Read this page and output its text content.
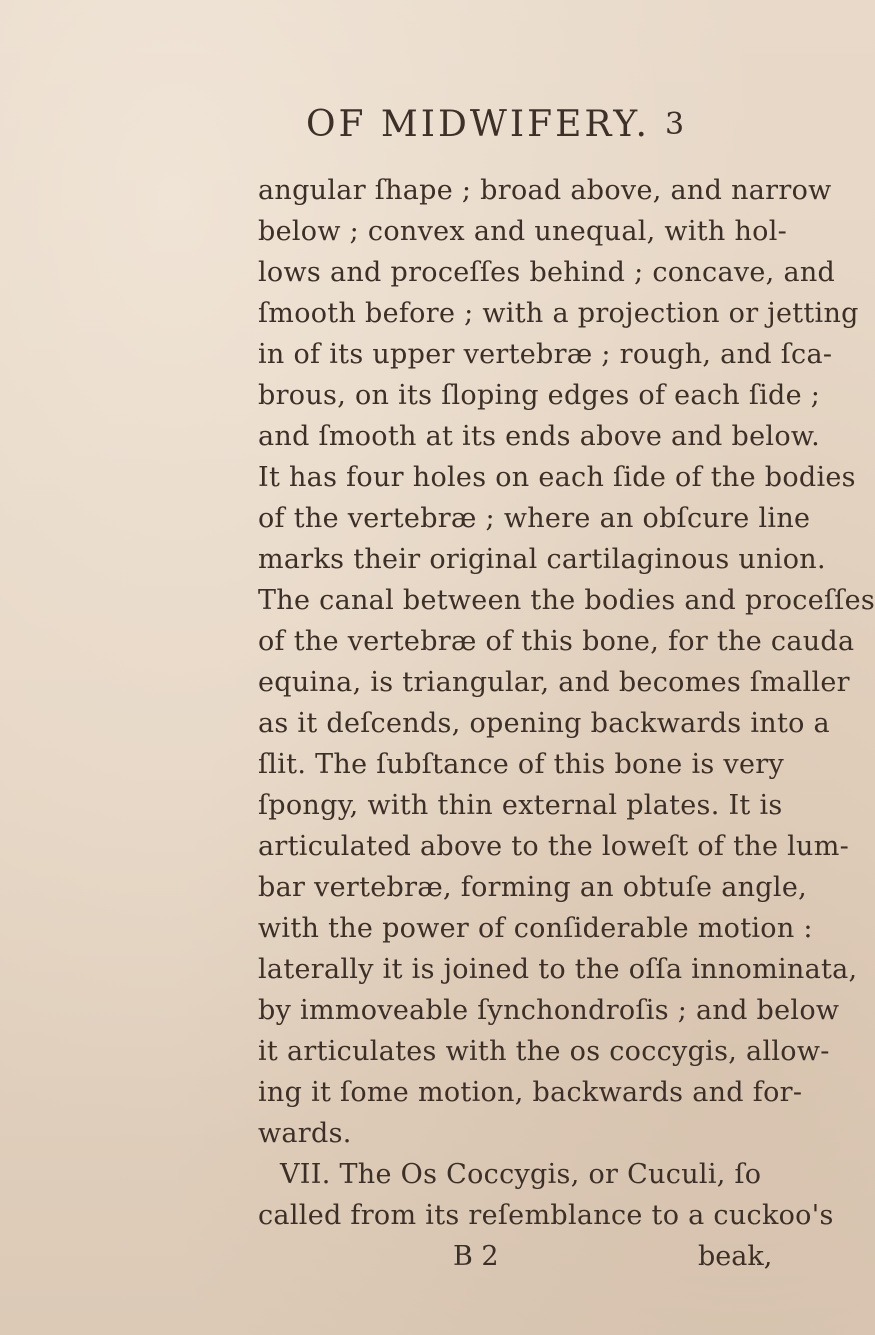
OF MIDWIFERY. 3
angular ſhape ; broad above, and narrow
below ; convex and unequal, with hol-
lows and proceſſes behind ; concave, and
ſmooth before ; with a projection or jetting
in of its upper vertebræ ; rough, and ſca-
brous, on its ſloping edges of each ſide ;
and ſmooth at its ends above and below.
It has four holes on each ſide of the bodies
of the vertebræ ; where an obſcure line
marks their original cartilaginous union.
The canal between the bodies and proceſſes
of the vertebræ of this bone, for the cauda
equina, is triangular, and becomes ſmaller
as it deſcends, opening backwards into a
ſlit. The ſubſtance of this bone is very
ſpongy, with thin external plates. It is
articulated above to the loweſt of the lum-
bar vertebræ, forming an obtuſe angle,
with the power of conſiderable motion :
laterally it is joined to the oſſa innominata,
by immoveable ſynchondroſis ; and below
it articulates with the os coccygis, allow-
ing it ſome motion, backwards and for-
wards.
VII. The Os Coccygis, or Cuculi, ſo
called from its reſemblance to a cuckoo's
B 2	beak,
